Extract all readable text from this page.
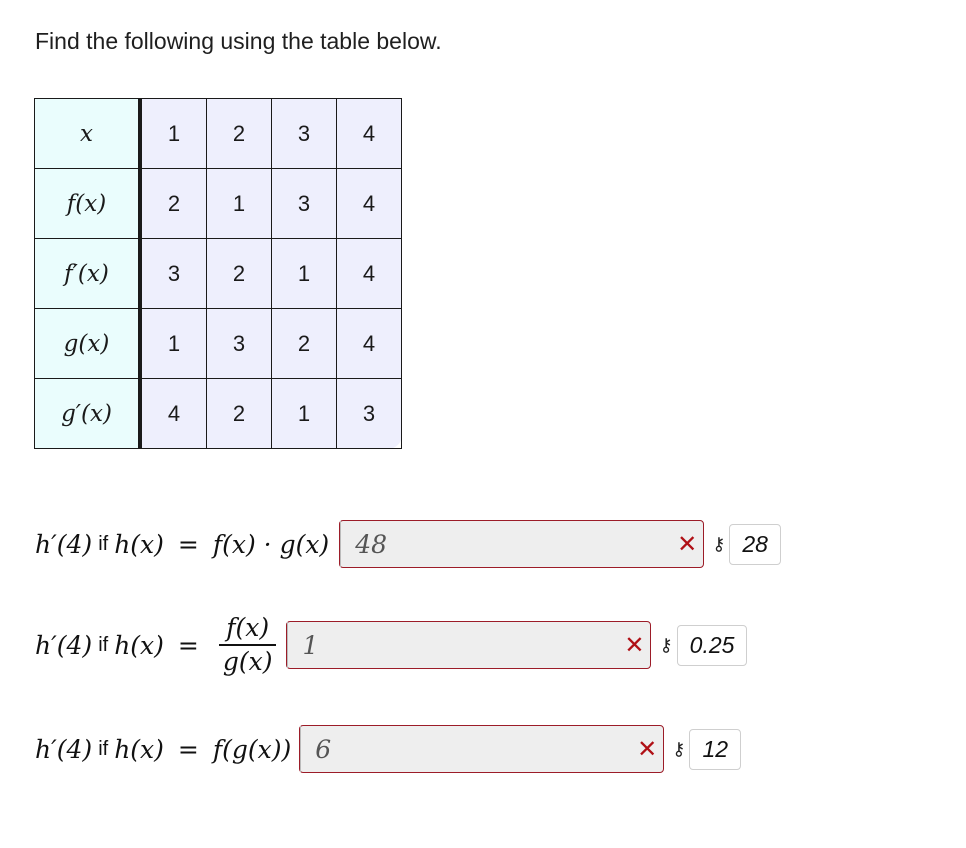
Find the following using the table below.
x	1	2	3	4
f(x)	2	1	3	4
f′(x)	3	2	1	4
g(x)	1	3	2	4
g′(x)	4	2	1	3
h′(4) if h(x) = f(x) · g(x)	48	✕ ⚷ 28
h′(4) if $h(x) = \frac{f(x)}{g(x)}$	1	✕ ⚷ 0.25
h′(4) if h(x) = f(g(x)) 6	✕ ⚷ 12
